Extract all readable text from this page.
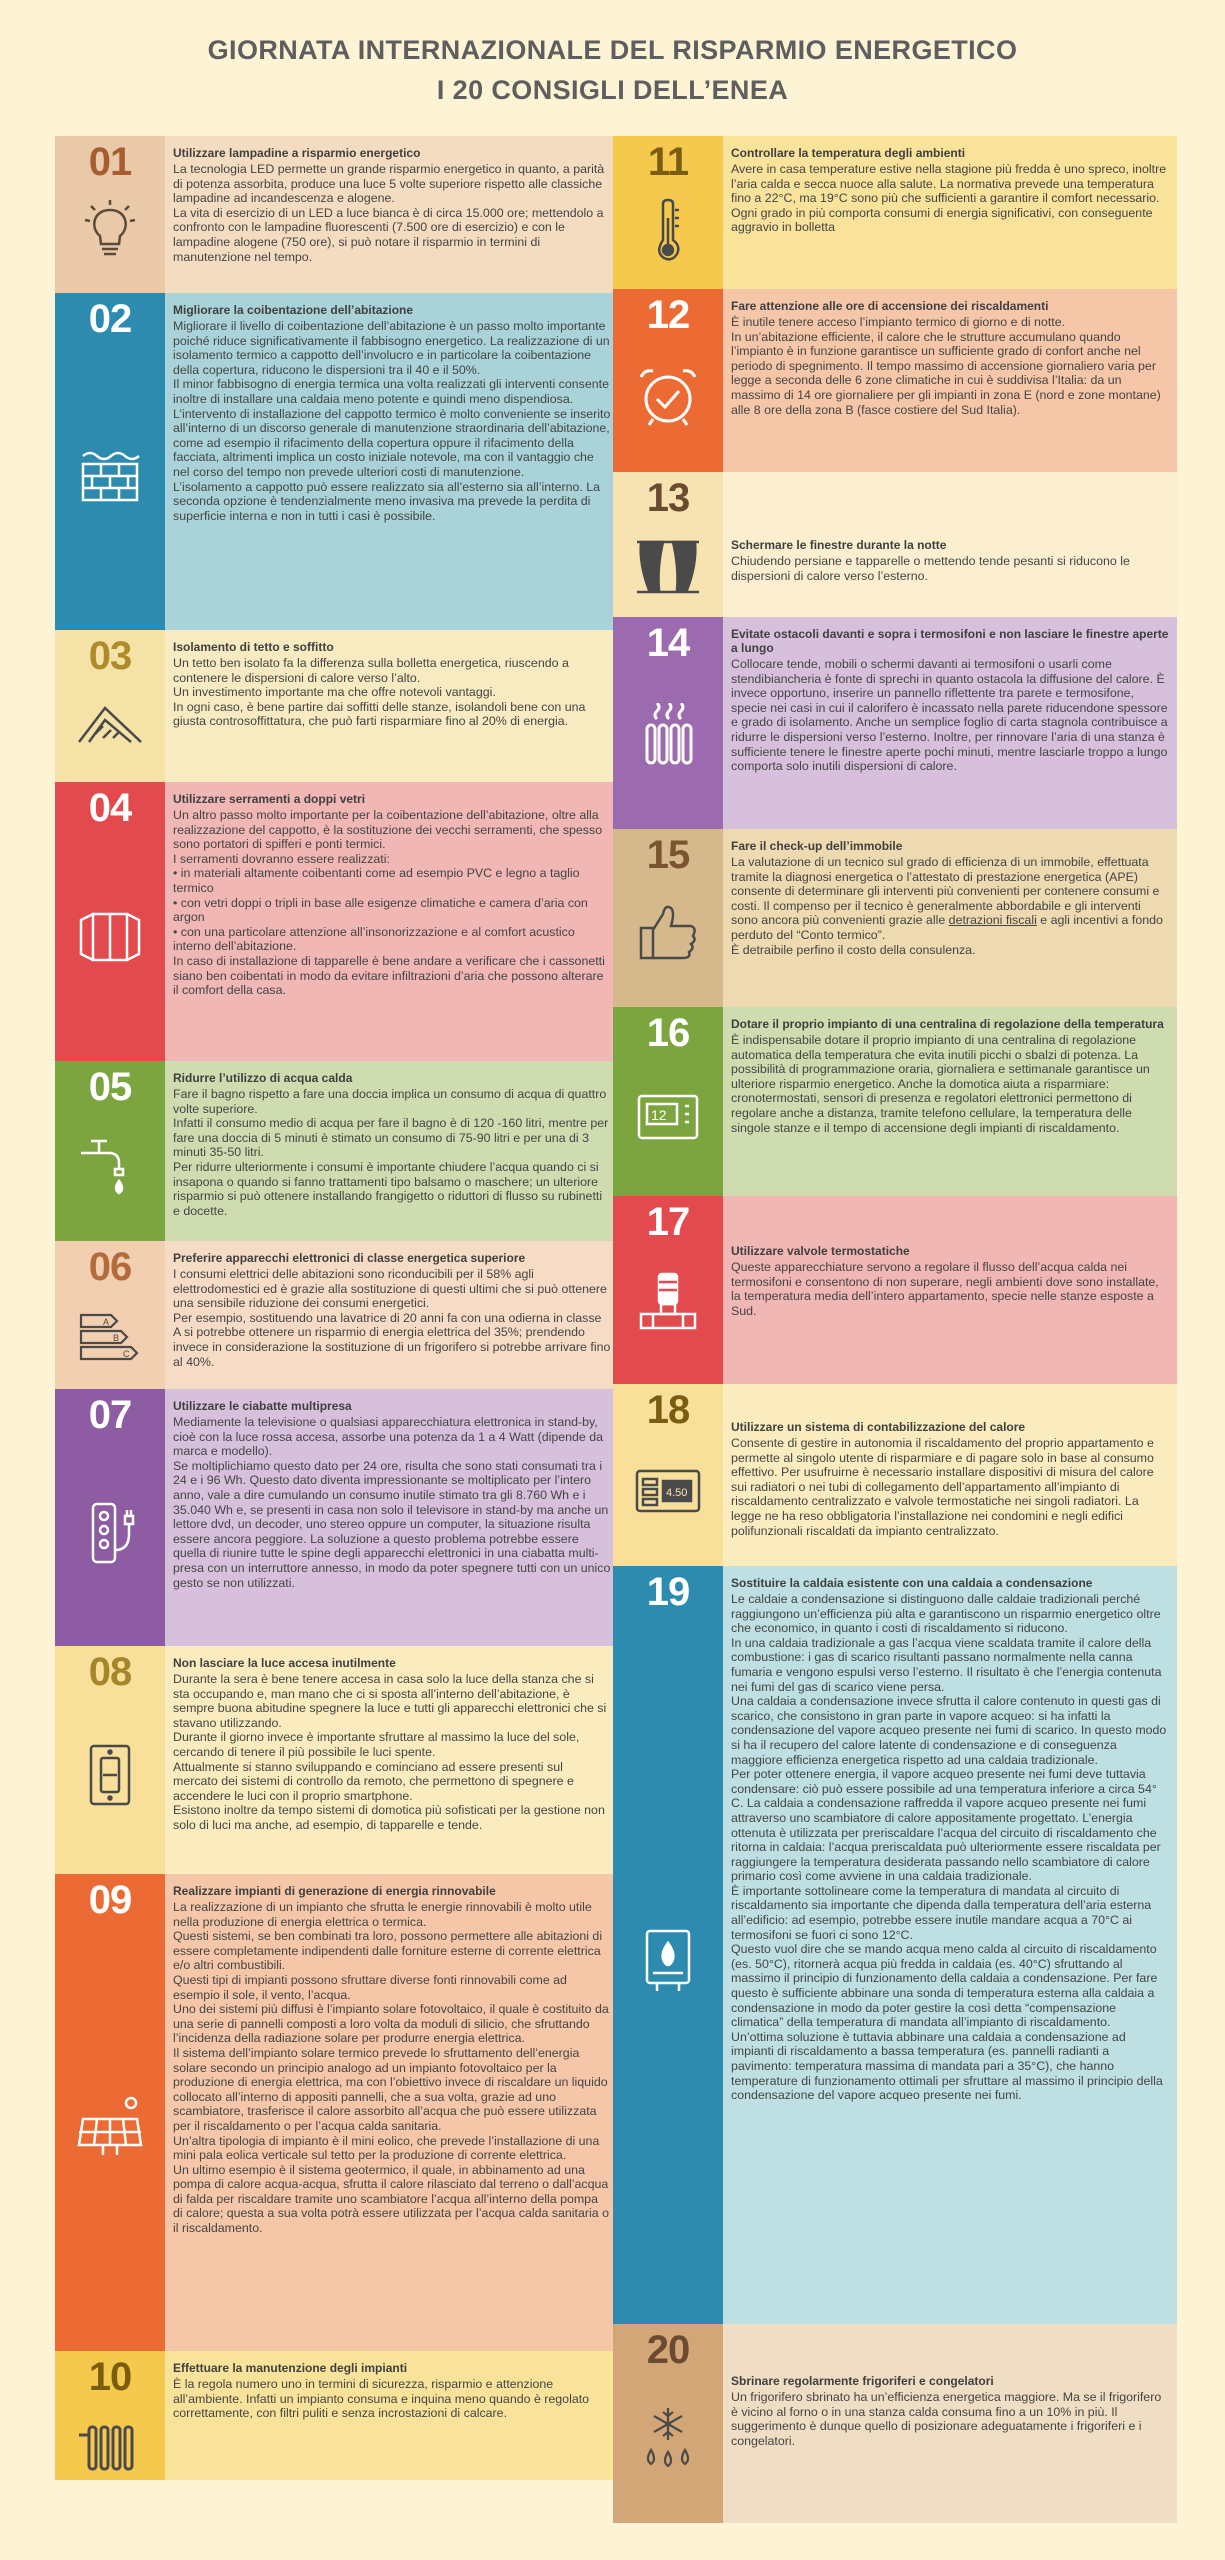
GIORNATA INTERNAZIONALE DEL RISPARMIO ENERGETICO
I 20 CONSIGLI DELL’ENEA
01	Utilizzare lampadine a risparmio energetico
La tecnologia LED permette un grande risparmio energetico in quanto, a parità di potenza assorbita, produce una luce 5 volte superiore rispetto alle classiche lampadine ad incandescenza e alogene.
La vita di esercizio di un LED a luce bianca è di circa 15.000 ore; mettendolo a confronto con le lampadine fluorescenti (7.500 ore di esercizio) e con le lampadine alogene (750 ore), si può notare il risparmio in termini di manutenzione nel tempo.
02	Migliorare la coibentazione dell’abitazione
Migliorare il livello di coibentazione dell’abitazione è un passo molto importante poiché riduce significativamente il fabbisogno energetico. La realizzazione di un isolamento termico a cappotto dell’involucro e in particolare la coibentazione della copertura, riducono le dispersioni tra il 40 e il 50%.
Il minor fabbisogno di energia termica una volta realizzati gli interventi consente inoltre di installare una caldaia meno potente e quindi meno dispendiosa.
L’intervento di installazione del cappotto termico è molto conveniente se inserito all’interno di un discorso generale di manutenzione straordinaria dell’abitazione, come ad esempio il rifacimento della copertura oppure il rifacimento della facciata, altrimenti implica un costo iniziale notevole, ma con il vantaggio che nel corso del tempo non prevede ulteriori costi di manutenzione.
L’isolamento a cappotto può essere realizzato sia all’esterno sia all’interno. La seconda opzione è tendenzialmente meno invasiva ma prevede la perdita di superficie interna e non in tutti i casi è possibile.
03	Isolamento di tetto e soffitto
Un tetto ben isolato fa la differenza sulla bolletta energetica, riuscendo a contenere le dispersioni di calore verso l’alto.
Un investimento importante ma che offre notevoli vantaggi.
In ogni caso, è bene partire dai soffitti delle stanze, isolandoli bene con una giusta controsoffittatura, che può farti risparmiare fino al 20% di energia.
04	Utilizzare serramenti a doppi vetri
Un altro passo molto importante per la coibentazione dell’abitazione, oltre alla realizzazione del cappotto, è la sostituzione dei vecchi serramenti, che spesso sono portatori di spifferi e ponti termici.
I serramenti dovranno essere realizzati:
• in materiali altamente coibentanti come ad esempio PVC e legno a taglio termico
• con vetri doppi o tripli in base alle esigenze climatiche e camera d’aria con argon
• con una particolare attenzione all’insonorizzazione e al comfort acustico interno dell’abitazione.
In caso di installazione di tapparelle è bene andare a verificare che i cassonetti siano ben coibentati in modo da evitare infiltrazioni d’aria che possono alterare il comfort della casa.
05	Ridurre l’utilizzo di acqua calda
Fare il bagno rispetto a fare una doccia implica un consumo di acqua di quattro volte superiore.
Infatti il consumo medio di acqua per fare il bagno è di 120 -160 litri, mentre per fare una doccia di 5 minuti è stimato un consumo di 75-90 litri e per una di 3 minuti 35-50 litri.
Per ridurre ulteriormente i consumi è importante chiudere l’acqua quando ci si insapona o quando si fanno trattamenti tipo balsamo o maschere; un ulteriore risparmio si può ottenere installando frangigetto o riduttori di flusso su rubinetti e docette.
06
B
C
A
Preferire apparecchi elettronici di classe energetica superiore
I consumi elettrici delle abitazioni sono riconducibili per il 58% agli elettrodomestici ed è grazie alla sostituzione di questi ultimi che si può ottenere una sensibile riduzione dei consumi energetici.
Per esempio, sostituendo una lavatrice di 20 anni fa con una odierna in classe A si potrebbe ottenere un risparmio di energia elettrica del 35%; prendendo invece in considerazione la sostituzione di un frigorifero si potrebbe arrivare fino al 40%.
07	Utilizzare le ciabatte multipresa
Mediamente la televisione o qualsiasi apparecchiatura elettronica in stand-by, cioè con la luce rossa accesa, assorbe una potenza da 1 a 4 Watt (dipende da marca e modello).
Se moltiplichiamo questo dato per 24 ore, risulta che sono stati consumati tra i 24 e i 96 Wh. Questo dato diventa impressionante se moltiplicato per l’intero anno, vale a dire cumulando un consumo inutile stimato tra gli 8.760 Wh e i 35.040 Wh e, se presenti in casa non solo il televisore in stand-by ma anche un lettore dvd, un decoder, uno stereo oppure un computer, la situazione risulta essere ancora peggiore. La soluzione a questo problema potrebbe essere quella di riunire tutte le spine degli apparecchi elettronici in una ciabatta multi-presa con un interruttore annesso, in modo da poter spegnere tutti con un unico gesto se non utilizzati.
08	Non lasciare la luce accesa inutilmente
Durante la sera è bene tenere accesa in casa solo la luce della stanza che si sta occupando e, man mano che ci si sposta all’interno dell’abitazione, è sempre buona abitudine spegnere la luce e tutti gli apparecchi elettronici che si stavano utilizzando.
Durante il giorno invece è importante sfruttare al massimo la luce del sole, cercando di tenere il più possibile le luci spente.
Attualmente si stanno sviluppando e cominciano ad essere presenti sul mercato dei sistemi di controllo da remoto, che permettono di spegnere e accendere le luci con il proprio smartphone.
Esistono inoltre da tempo sistemi di domotica più sofisticati per la gestione non solo di luci ma anche, ad esempio, di tapparelle e tende.
09	Realizzare impianti di generazione di energia rinnovabile
La realizzazione di un impianto che sfrutta le energie rinnovabili è molto utile nella produzione di energia elettrica o termica.
Questi sistemi, se ben combinati tra loro, possono permettere alle abitazioni di essere completamente indipendenti dalle forniture esterne di corrente elettrica e/o altri combustibili.
Questi tipi di impianti possono sfruttare diverse fonti rinnovabili come ad esempio il sole, il vento, l’acqua.
Uno dei sistemi più diffusi è l’impianto solare fotovoltaico, il quale è costituito da una serie di pannelli composti a loro volta da moduli di silicio, che sfruttando l’incidenza della radiazione solare per produrre energia elettrica.
Il sistema dell’impianto solare termico prevede lo sfruttamento dell’energia solare secondo un principio analogo ad un impianto fotovoltaico per la produzione di energia elettrica, ma con l’obiettivo invece di riscaldare un liquido collocato all’interno di appositi pannelli, che a sua volta, grazie ad uno scambiatore, trasferisce il calore assorbito all’acqua che può essere utilizzata per il riscaldamento o per l’acqua calda sanitaria.
Un’altra tipologia di impianto è il mini eolico, che prevede l’installazione di una mini pala eolica verticale sul tetto per la produzione di corrente elettrica.
Un ultimo esempio è il sistema geotermico, il quale, in abbinamento ad una pompa di calore acqua-acqua, sfrutta il calore rilasciato dal terreno o dall’acqua di falda per riscaldare tramite uno scambiatore l’acqua all’interno della pompa di calore; questa a sua volta potrà essere utilizzata per l’acqua calda sanitaria o il riscaldamento.
10	Effettuare la manutenzione degli impianti
È la regola numero uno in termini di sicurezza, risparmio e attenzione all’ambiente. Infatti un impianto consuma e inquina meno quando è regolato correttamente, con filtri puliti e senza incrostazioni di calcare.
11	Controllare la temperatura degli ambienti
Avere in casa temperature estive nella stagione più fredda è uno spreco, inoltre l’aria calda e secca nuoce alla salute. La normativa prevede una temperatura fino a 22°C, ma 19°C sono più che sufficienti a garantire il comfort necessario. Ogni grado in più comporta consumi di energia significativi, con conseguente aggravio in bolletta
12	Fare attenzione alle ore di accensione dei riscaldamenti
È inutile tenere acceso l’impianto termico di giorno e di notte.
In un’abitazione efficiente, il calore che le strutture accumulano quando l’impianto è in funzione garantisce un sufficiente grado di confort anche nel periodo di spegnimento. Il tempo massimo di accensione giornaliero varia per legge a seconda delle 6 zone climatiche in cui è suddivisa l’Italia: da un massimo di 14 ore giornaliere per gli impianti in zona E (nord e zone montane) alle 8 ore della zona B (fasce costiere del Sud Italia).
13
Schermare le finestre durante la notte
Chiudendo persiane e tapparelle o mettendo tende pesanti si riducono le dispersioni di calore verso l’esterno.
14	Evitate ostacoli davanti e sopra i termosifoni e non lasciare le finestre aperte a lungo
Collocare tende, mobili o schermi davanti ai termosifoni o usarli come stendibiancheria è fonte di sprechi in quanto ostacola la diffusione del calore. È invece opportuno, inserire un pannello riflettente tra parete e termosifone, specie nei casi in cui il calorifero è incassato nella parete riducendone spessore e grado di isolamento. Anche un semplice foglio di carta stagnola contribuisce a ridurre le dispersioni verso l’esterno. Inoltre, per rinnovare l’aria di una stanza è sufficiente tenere le finestre aperte pochi minuti, mentre lasciarle troppo a lungo comporta solo inutili dispersioni di calore.
15	Fare il check-up dell’immobile
La valutazione di un tecnico sul grado di efficienza di un immobile, effettuata tramite la diagnosi energetica o l’attestato di prestazione energetica (APE) consente di determinare gli interventi più convenienti per contenere consumi e costi. Il compenso per il tecnico è generalmente abbordabile e gli interventi sono ancora più convenienti grazie alle detrazioni fiscali e agli incentivi a fondo perduto del “Conto termico”.
È detraibile perfino il costo della consulenza.
16
12
Dotare il proprio impianto di una centralina di regolazione della temperatura
È indispensabile dotare il proprio impianto di una centralina di regolazione automatica della temperatura che evita inutili picchi o sbalzi di potenza. La possibilità di programmazione oraria, giornaliera e settimanale garantisce un ulteriore risparmio energetico. Anche la domotica aiuta a risparmiare: cronotermostati, sensori di presenza e regolatori elettronici permettono di regolare anche a distanza, tramite telefono cellulare, la temperatura delle singole stanze e il tempo di accensione degli impianti di riscaldamento.
17
Utilizzare valvole termostatiche
Queste apparecchiature servono a regolare il flusso dell’acqua calda nei termosifoni e consentono di non superare, negli ambienti dove sono installate, la temperatura media dell’intero appartamento, specie nelle stanze esposte a Sud.
18
4.50
Utilizzare un sistema di contabilizzazione del calore
Consente di gestire in autonomia il riscaldamento del proprio appartamento e permette al singolo utente di risparmiare e di pagare solo in base al consumo effettivo. Per usufruirne è necessario installare dispositivi di misura del calore sui radiatori o nei tubi di collegamento dell’appartamento all’impianto di riscaldamento centralizzato e valvole termostatiche nei singoli radiatori. La legge ne ha reso obbligatoria l’installazione nei condomini e negli edifici polifunzionali riscaldati da impianto centralizzato.
19	Sostituire la caldaia esistente con una caldaia a condensazione
Le caldaie a condensazione si distinguono dalle caldaie tradizionali perché raggiungono un’efficienza più alta e garantiscono un risparmio energetico oltre che economico, in quanto i costi di riscaldamento si riducono.
In una caldaia tradizionale a gas l’acqua viene scaldata tramite il calore della combustione: i gas di scarico risultanti passano normalmente nella canna fumaria e vengono espulsi verso l’esterno. Il risultato è che l’energia contenuta nei fumi del gas di scarico viene persa.
Una caldaia a condensazione invece sfrutta il calore contenuto in questi gas di scarico, che consistono in gran parte in vapore acqueo: si ha infatti la condensazione del vapore acqueo presente nei fumi di scarico. In questo modo si ha il recupero del calore latente di condensazione e di conseguenza maggiore efficienza energetica rispetto ad una caldaia tradizionale.
Per poter ottenere energia, il vapore acqueo presente nei fumi deve tuttavia condensare: ciò può essere possibile ad una temperatura inferiore a circa 54° C. La caldaia a condensazione raffredda il vapore acqueo presente nei fumi attraverso uno scambiatore di calore appositamente progettato. L’energia ottenuta è utilizzata per preriscaldare l’acqua del circuito di riscaldamento che ritorna in caldaia: l’acqua preriscaldata può ulteriormente essere riscaldata per raggiungere la temperatura desiderata passando nello scambiatore di calore primario così come avviene in una caldaia tradizionale.
È importante sottolineare come la temperatura di mandata al circuito di riscaldamento sia importante che dipenda dalla temperatura dell’aria esterna all’edificio: ad esempio, potrebbe essere inutile mandare acqua a 70°C ai termosifoni se fuori ci sono 12°C.
Questo vuol dire che se mando acqua meno calda al circuito di riscaldamento (es. 50°C), ritornerà acqua più fredda in caldaia (es. 40°C) sfruttando al massimo il principio di funzionamento della caldaia a condensazione. Per fare questo è sufficiente abbinare una sonda di temperatura esterna alla caldaia a condensazione in modo da poter gestire la così detta “compensazione climatica” della temperatura di mandata all’impianto di riscaldamento.
Un’ottima soluzione è tuttavia abbinare una caldaia a condensazione ad impianti di riscaldamento a bassa temperatura (es. pannelli radianti a pavimento: temperatura massima di mandata pari a 35°C), che hanno temperature di funzionamento ottimali per sfruttare al massimo il principio della condensazione del vapore acqueo presente nei fumi.
20
Sbrinare regolarmente frigoriferi e congelatori
Un frigorifero sbrinato ha un’efficienza energetica maggiore. Ma se il frigorifero è vicino al forno o in una stanza calda consuma fino a un 10% in più. Il suggerimento è dunque quello di posizionare adeguatamente i frigoriferi e i congelatori.
